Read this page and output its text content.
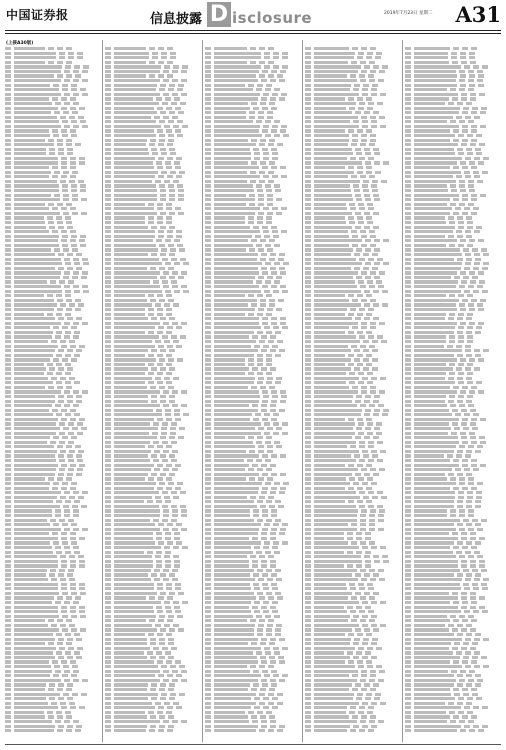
中国证券报	信息披露 D isclosure	2019年7月23日 星期二 A31
(上接A30版)
